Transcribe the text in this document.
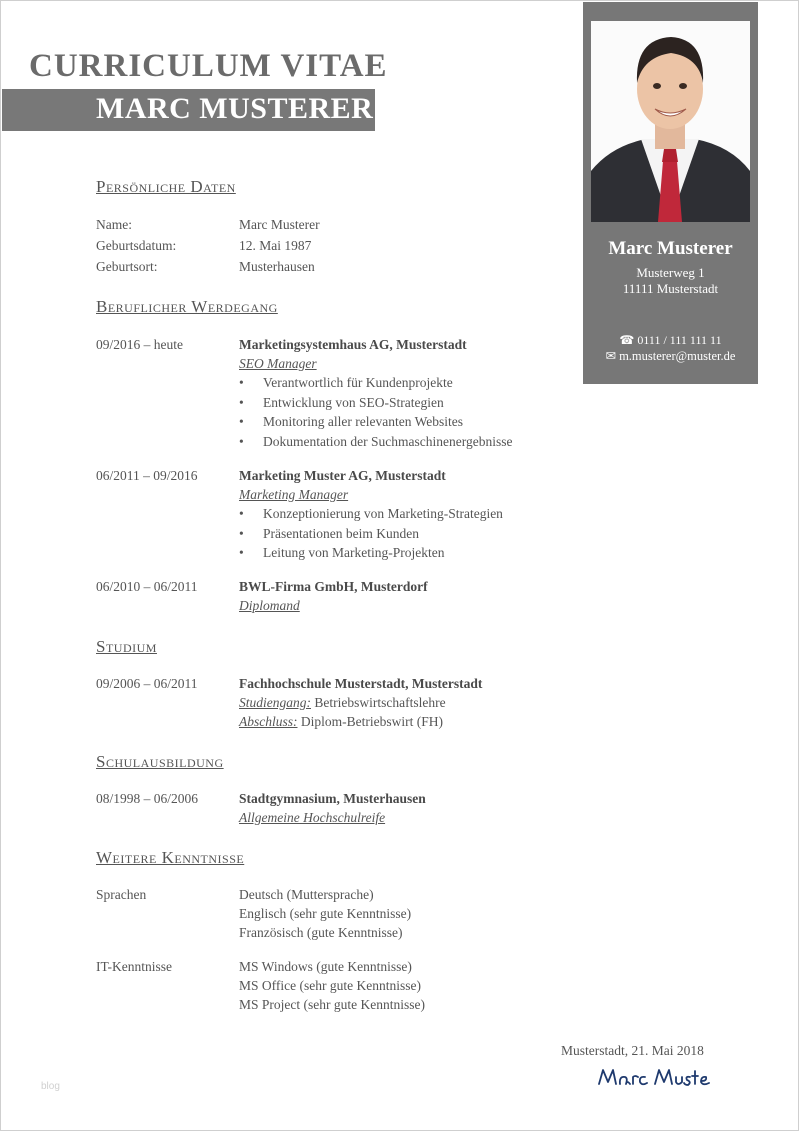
CURRICULUM VITAE
MARC MUSTERER
Marc Musterer
Musterweg 1
11111 Musterstadt
☎ 0111 / 111 111 11
✉ m.musterer@muster.de
Persönliche Daten
Name:	Marc Musterer
Geburtsdatum:	12. Mai 1987
Geburtsort:	Musterhausen
Beruflicher Werdegang
09/2016 – heute	Marketingsystemhaus AG, Musterstadt
SEO Manager
• Verantwortlich für Kundenprojekte
• Entwicklung von SEO-Strategien
• Monitoring aller relevanten Websites
• Dokumentation der Suchmaschinenergebnisse
06/2011 – 09/2016	Marketing Muster AG, Musterstadt
Marketing Manager
• Konzeptionierung von Marketing-Strategien
• Präsentationen beim Kunden
• Leitung von Marketing-Projekten
06/2010 – 06/2011	BWL-Firma GmbH, Musterdorf
Diplomand
Studium
09/2006 – 06/2011	Fachhochschule Musterstadt, Musterstadt
Studiengang: Betriebswirtschaftslehre
Abschluss: Diplom-Betriebswirt (FH)
Schulausbildung
08/1998 – 06/2006	Stadtgymnasium, Musterhausen
Allgemeine Hochschulreife
Weitere Kenntnisse
Sprachen	Deutsch (Muttersprache)
Englisch (sehr gute Kenntnisse)
Französisch (gute Kenntnisse)
IT-Kenntnisse	MS Windows (gute Kenntnisse)
MS Office (sehr gute Kenntnisse)
MS Project (sehr gute Kenntnisse)
Musterstadt, 21. Mai 2018
blog
